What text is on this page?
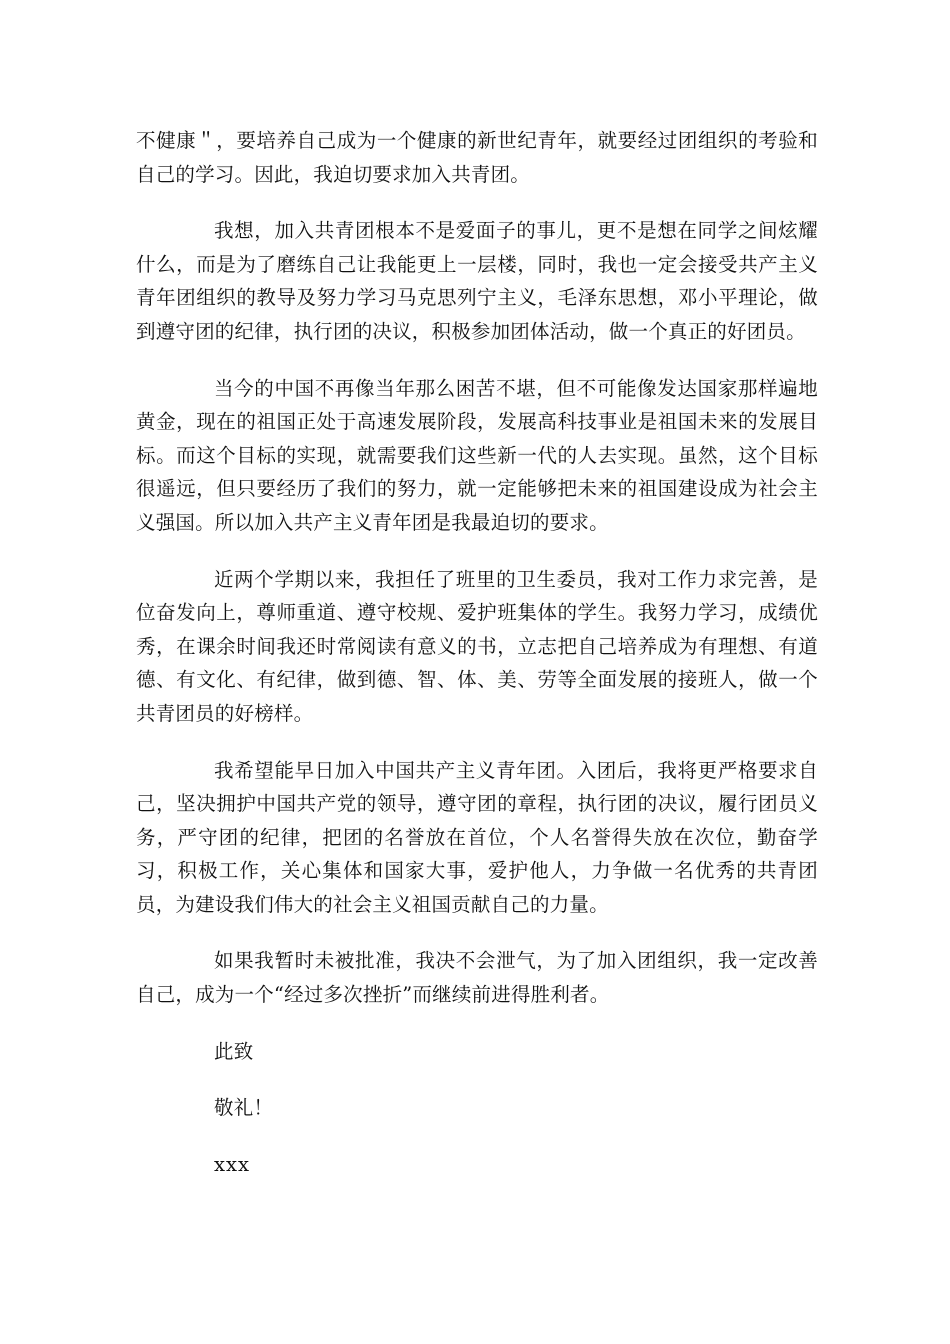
不健康＂，要培养自己成为一个健康的新世纪青年，就要经过团组织的考验和自己的学习。因此，我迫切要求加入共青团。

我想，加入共青团根本不是爱面子的事儿，更不是想在同学之间炫耀什么，而是为了磨练自己让我能更上一层楼，同时，我也一定会接受共产主义青年团组织的教导及努力学习马克思列宁主义，毛泽东思想，邓小平理论，做到遵守团的纪律，执行团的决议，积极参加团体活动，做一个真正的好团员。

当今的中国不再像当年那么困苦不堪，但不可能像发达国家那样遍地黄金，现在的祖国正处于高速发展阶段，发展高科技事业是祖国未来的发展目标。而这个目标的实现，就需要我们这些新一代的人去实现。虽然，这个目标很遥远，但只要经历了我们的努力，就一定能够把未来的祖国建设成为社会主义强国。所以加入共产主义青年团是我最迫切的要求。

近两个学期以来，我担任了班里的卫生委员，我对工作力求完善，是位奋发向上，尊师重道、遵守校规、爱护班集体的学生。我努力学习，成绩优秀，在课余时间我还时常阅读有意义的书，立志把自己培养成为有理想、有道德、有文化、有纪律，做到德、智、体、美、劳等全面发展的接班人，做一个共青团员的好榜样。

我希望能早日加入中国共产主义青年团。入团后，我将更严格要求自己，坚决拥护中国共产党的领导，遵守团的章程，执行团的决议，履行团员义务，严守团的纪律，把团的名誉放在首位，个人名誉得失放在次位，勤奋学习，积极工作，关心集体和国家大事，爱护他人，力争做一名优秀的共青团员，为建设我们伟大的社会主义祖国贡献自己的力量。

如果我暂时未被批准，我决不会泄气，为了加入团组织，我一定改善自己，成为一个“经过多次挫折”而继续前进得胜利者。

此致

敬礼！

xxx
